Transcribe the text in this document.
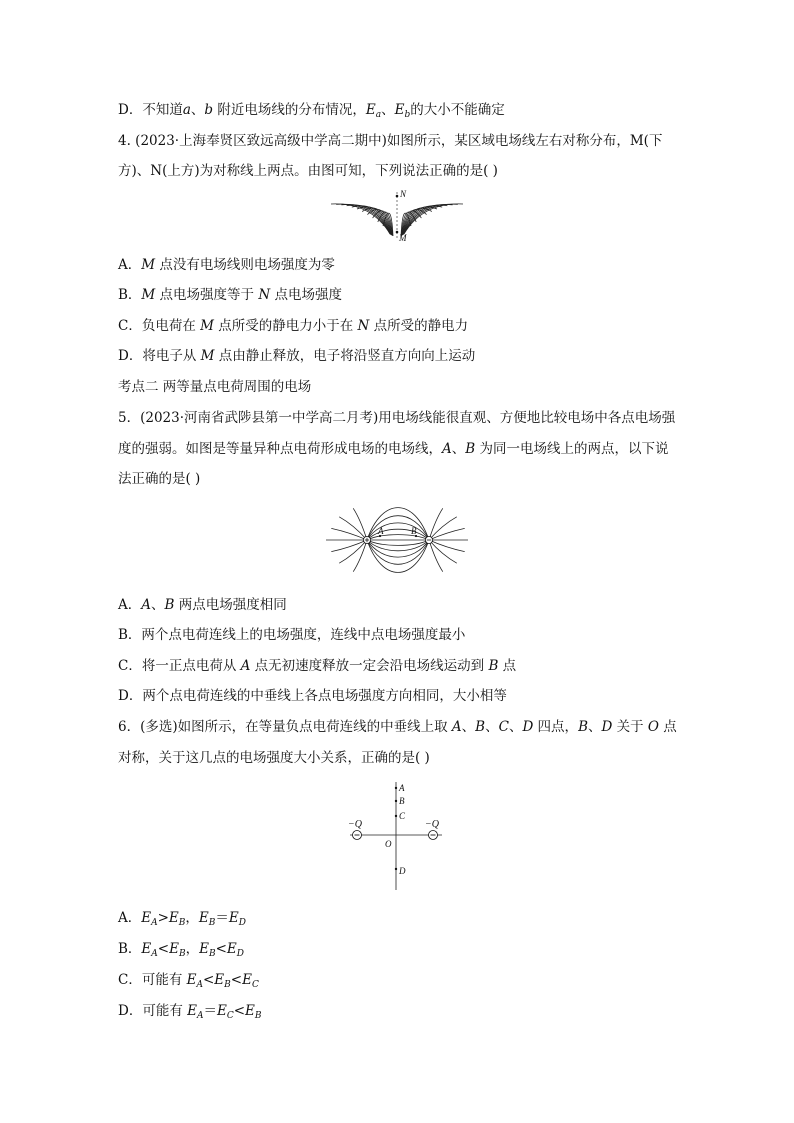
D．不知道a、b 附近电场线的分布情况，$E_a$、$E_b$的大小不能确定
4. (2023·上海奉贤区致远高级中学高二期中)如图所示，某区域电场线左右对称分布，M(下
方)、N(上方)为对称线上两点。由图可知，下列说法正确的是( )
N
M
A．M 点没有电场线则电场强度为零
B．M 点电场强度等于 N 点电场强度
C．负电荷在 M 点所受的静电力小于在 N 点所受的静电力
D．将电子从 M 点由静止释放，电子将沿竖直方向向上运动
考点二 两等量点电荷周围的电场
5．(2023·河南省武陟县第一中学高二月考)用电场线能很直观、方便地比较电场中各点电场强
度的强弱。如图是等量异种点电荷形成电场的电场线，A、B 为同一电场线上的两点，以下说
法正确的是( )
A	B
A．A、B 两点电场强度相同
B．两个点电荷连线上的电场强度，连线中点电场强度最小
C．将一正点电荷从 A 点无初速度释放一定会沿电场线运动到 B 点
D．两个点电荷连线的中垂线上各点电场强度方向相同，大小相等
6．(多选)如图所示，在等量负点电荷连线的中垂线上取 A、B、C、D 四点，B、D 关于 O 点
对称，关于这几点的电场强度大小关系，正确的是( )
−Q	−Q
A
B
C
O
D
A．$E_A>E_B$，$E_B=E_D$
B．$E_A<E_B$，$E_B<E_D$
C．可能有 $E_A<E_B<E_C$
D．可能有 $E_A=E_C<E_B$
